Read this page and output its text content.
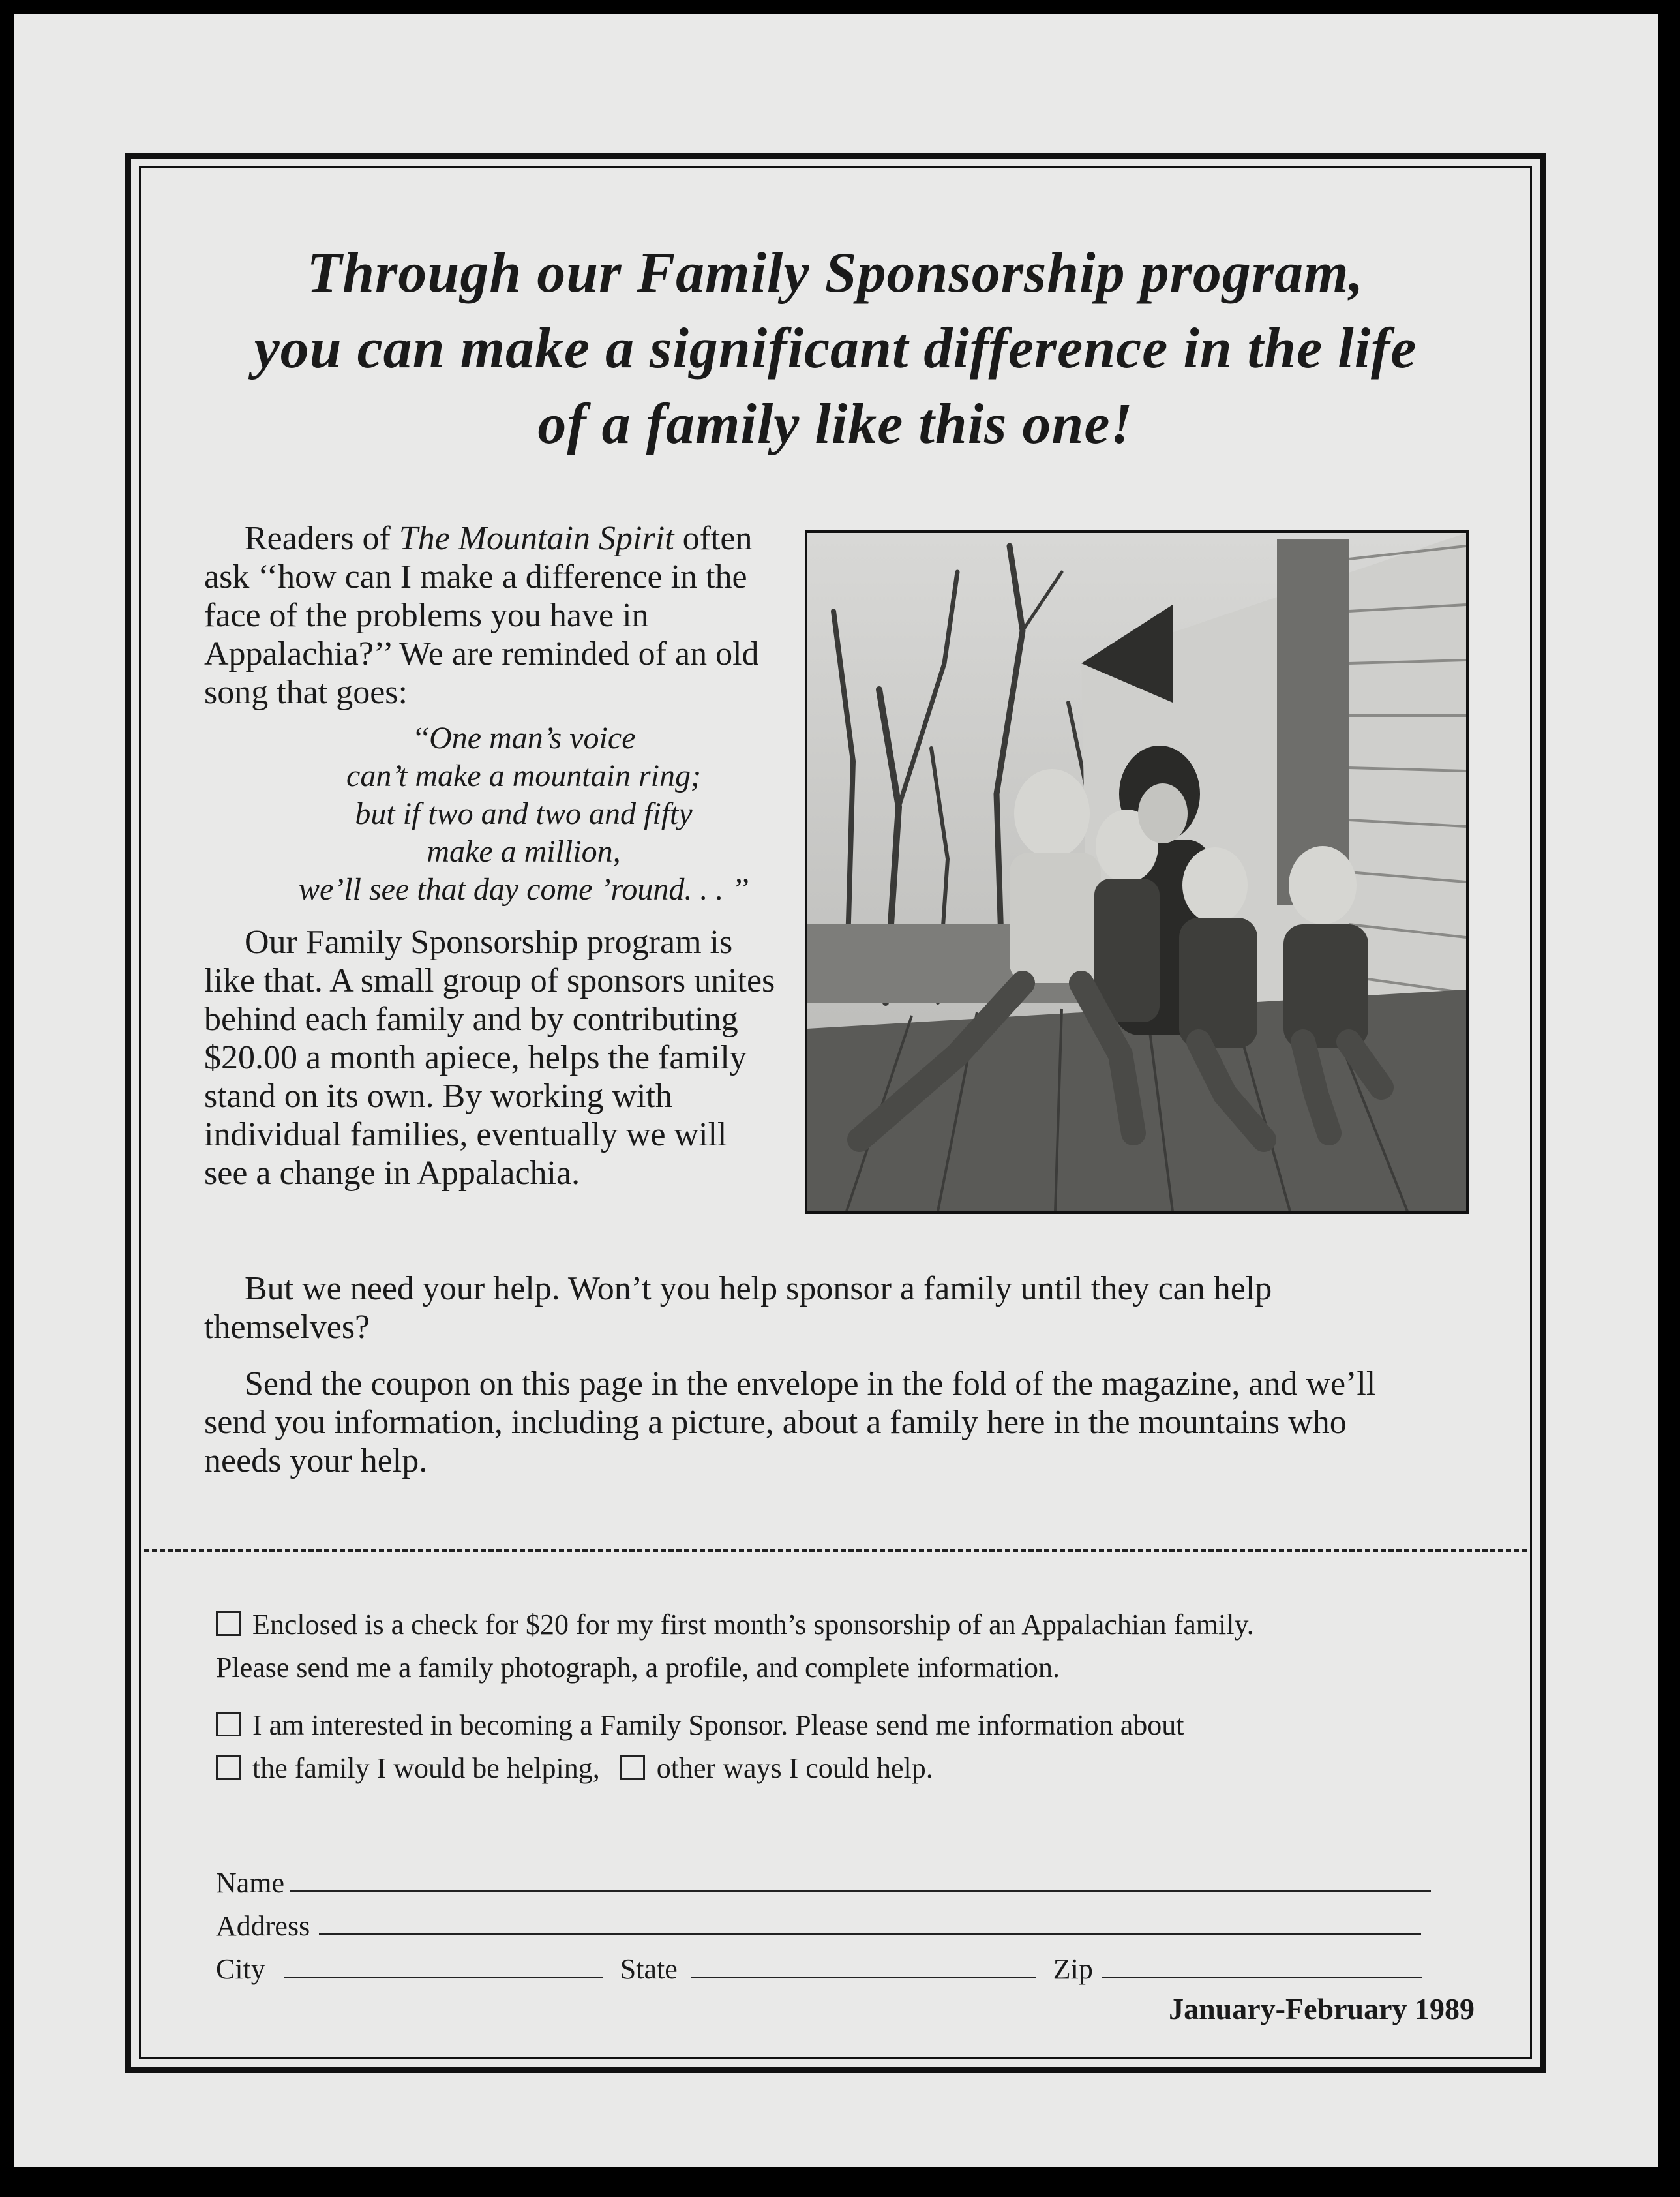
Through our Family Sponsorship program,
you can make a significant difference in the life
of a family like this one!

Readers of The Mountain Spirit often ask ‘‘how can I make a difference in the face of the problems you have in Appalachia?’’ We are reminded of an old song that goes:

‘‘One man’s voice
can’t make a mountain ring;
but if two and two and fifty
make a million,
we’ll see that day come ’round. . . ’’

Our Family Sponsorship program is like that. A small group of sponsors unites behind each family and by contributing $20.00 a month apiece, helps the family stand on its own. By working with individual families, eventually we will see a change in Appalachia.

But we need your help. Won’t you help sponsor a family until they can help themselves?

Send the coupon on this page in the envelope in the fold of the magazine, and we’ll send you information, including a picture, about a family here in the mountains who needs your help.

Enclosed is a check for $20 for my first month’s sponsorship of an Appalachian family.
Please send me a family photograph, a profile, and complete information.
I am interested in becoming a Family Sponsor. Please send me information about
the family I would be helping, other ways I could help.
Name
Address
City	State	Zip
January-February 1989
